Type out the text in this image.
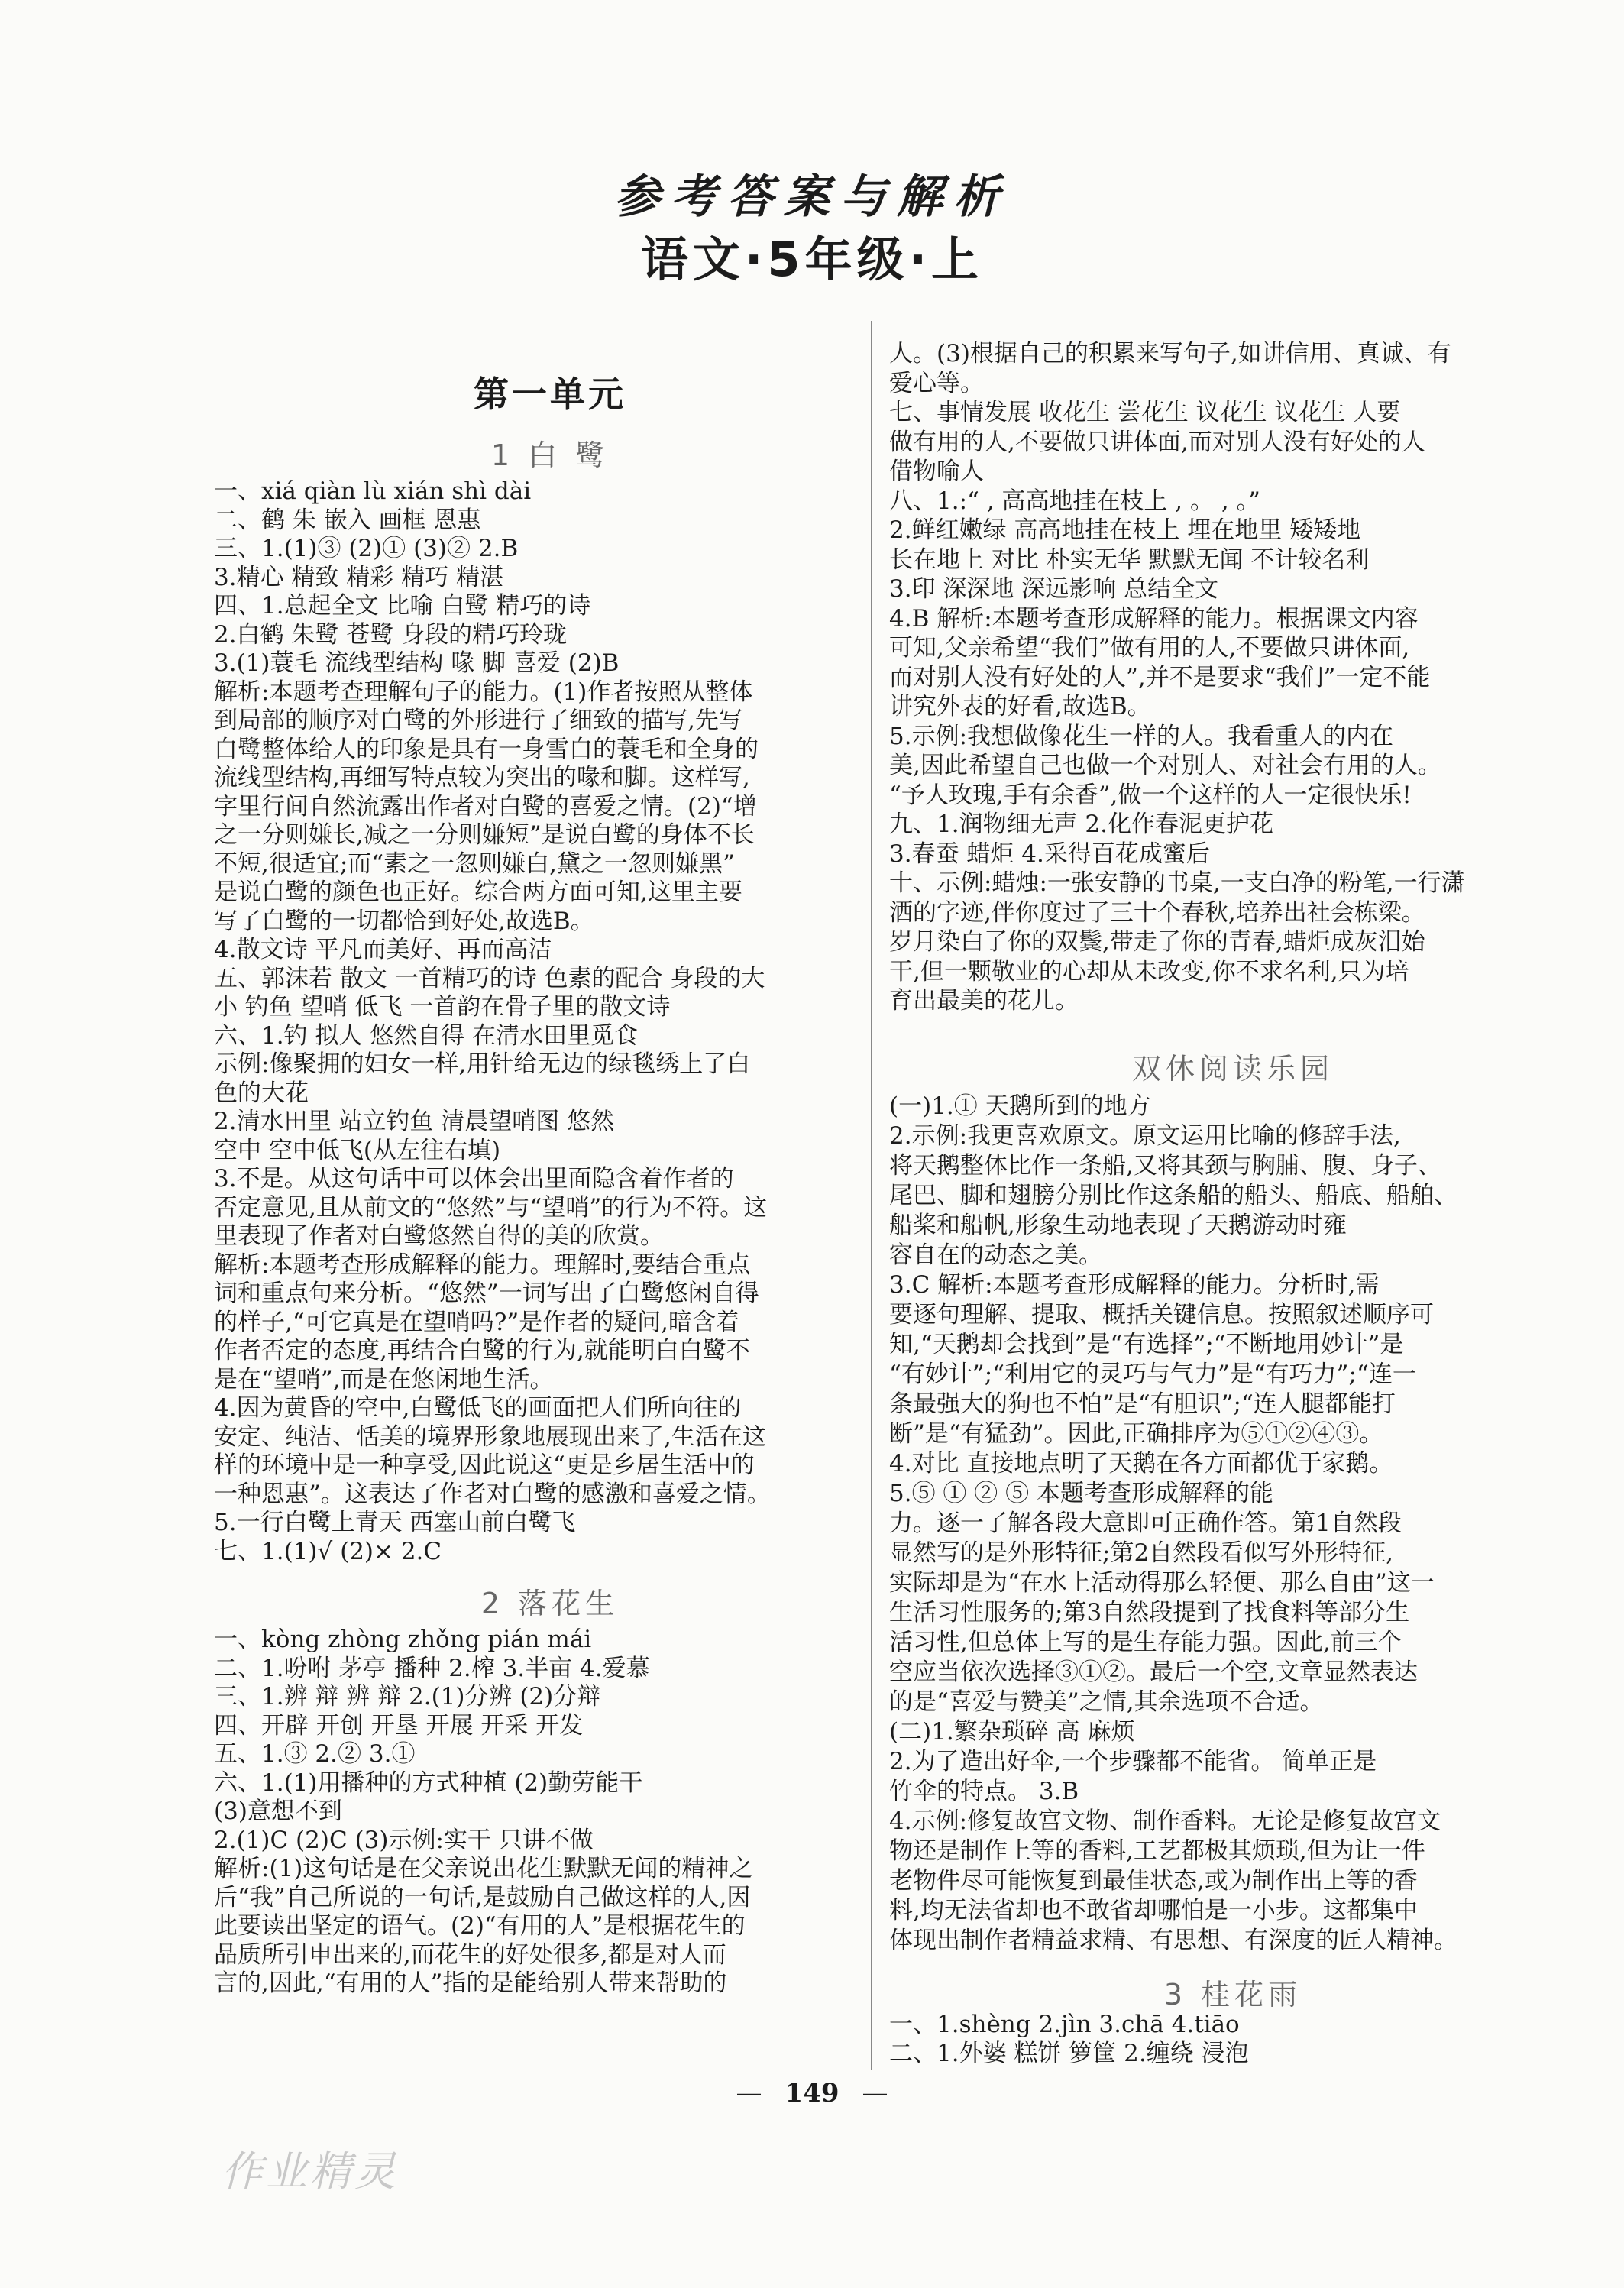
参考答案与解析
语文·5年级·上
第一单元
1 白 鹭
一、xiá qiàn lù xián shì dài
二、鹤 朱 嵌入 画框 恩惠
三、1.(1)③ (2)① (3)② 2.B
3.精心 精致 精彩 精巧 精湛
四、1.总起全文 比喻 白鹭 精巧的诗
2.白鹤 朱鹭 苍鹭 身段的精巧玲珑
3.(1)蓑毛 流线型结构 喙 脚 喜爱 (2)B
解析:本题考查理解句子的能力。(1)作者按照从整体
到局部的顺序对白鹭的外形进行了细致的描写,先写
白鹭整体给人的印象是具有一身雪白的蓑毛和全身的
流线型结构,再细写特点较为突出的喙和脚。这样写,
字里行间自然流露出作者对白鹭的喜爱之情。(2)“增
之一分则嫌长,减之一分则嫌短”是说白鹭的身体不长
不短,很适宜;而“素之一忽则嫌白,黛之一忽则嫌黑”
是说白鹭的颜色也正好。综合两方面可知,这里主要
写了白鹭的一切都恰到好处,故选B。
4.散文诗 平凡而美好、再而高洁
五、郭沫若 散文 一首精巧的诗 色素的配合 身段的大
小 钓鱼 望哨 低飞 一首韵在骨子里的散文诗
六、1.钓 拟人 悠然自得 在清水田里觅食
示例:像聚拥的妇女一样,用针给无边的绿毯绣上了白
色的大花
2.清水田里 站立钓鱼 清晨望哨图 悠然
空中 空中低飞(从左往右填)
3.不是。从这句话中可以体会出里面隐含着作者的
否定意见,且从前文的“悠然”与“望哨”的行为不符。这
里表现了作者对白鹭悠然自得的美的欣赏。
解析:本题考查形成解释的能力。理解时,要结合重点
词和重点句来分析。“悠然”一词写出了白鹭悠闲自得
的样子,“可它真是在望哨吗?”是作者的疑问,暗含着
作者否定的态度,再结合白鹭的行为,就能明白白鹭不
是在“望哨”,而是在悠闲地生活。
4.因为黄昏的空中,白鹭低飞的画面把人们所向往的
安定、纯洁、恬美的境界形象地展现出来了,生活在这
样的环境中是一种享受,因此说这“更是乡居生活中的
一种恩惠”。这表达了作者对白鹭的感激和喜爱之情。
5.一行白鹭上青天 西塞山前白鹭飞
七、1.(1)√ (2)× 2.C
2 落花生
一、kòng zhòng zhǒng pián mái
二、1.吩咐 茅亭 播种 2.榨 3.半亩 4.爱慕
三、1.辨 辩 辨 辩 2.(1)分辨 (2)分辩
四、开辟 开创 开垦 开展 开采 开发
五、1.③ 2.② 3.①
六、1.(1)用播种的方式种植 (2)勤劳能干
(3)意想不到
2.(1)C (2)C (3)示例:实干 只讲不做
解析:(1)这句话是在父亲说出花生默默无闻的精神之
后“我”自己所说的一句话,是鼓励自己做这样的人,因
此要读出坚定的语气。(2)“有用的人”是根据花生的
品质所引申出来的,而花生的好处很多,都是对人而
言的,因此,“有用的人”指的是能给别人带来帮助的
人。(3)根据自己的积累来写句子,如讲信用、真诚、有
爱心等。
七、事情发展 收花生 尝花生 议花生 议花生 人要
做有用的人,不要做只讲体面,而对别人没有好处的人
借物喻人
八、1.:“ , 高高地挂在枝上 , 。 , 。”
2.鲜红嫩绿 高高地挂在枝上 埋在地里 矮矮地
长在地上 对比 朴实无华 默默无闻 不计较名利
3.印 深深地 深远影响 总结全文
4.B 解析:本题考查形成解释的能力。根据课文内容
可知,父亲希望“我们”做有用的人,不要做只讲体面,
而对别人没有好处的人”,并不是要求“我们”一定不能
讲究外表的好看,故选B。
5.示例:我想做像花生一样的人。我看重人的内在
美,因此希望自己也做一个对别人、对社会有用的人。
“予人玫瑰,手有余香”,做一个这样的人一定很快乐!
九、1.润物细无声 2.化作春泥更护花
3.春蚕 蜡炬 4.采得百花成蜜后
十、示例:蜡烛:一张安静的书桌,一支白净的粉笔,一行潇
洒的字迹,伴你度过了三十个春秋,培养出社会栋梁。
岁月染白了你的双鬓,带走了你的青春,蜡炬成灰泪始
干,但一颗敬业的心却从未改变,你不求名利,只为培
育出最美的花儿。
双休阅读乐园
(一)1.① 天鹅所到的地方
2.示例:我更喜欢原文。原文运用比喻的修辞手法,
将天鹅整体比作一条船,又将其颈与胸脯、腹、身子、
尾巴、脚和翅膀分别比作这条船的船头、船底、船舶、
船桨和船帆,形象生动地表现了天鹅游动时雍
容自在的动态之美。
3.C 解析:本题考查形成解释的能力。分析时,需
要逐句理解、提取、概括关键信息。按照叙述顺序可
知,“天鹅却会找到”是“有选择”;“不断地用妙计”是
“有妙计”;“利用它的灵巧与气力”是“有巧力”;“连一
条最强大的狗也不怕”是“有胆识”;“连人腿都能打
断”是“有猛劲”。因此,正确排序为⑤①②④③。
4.对比 直接地点明了天鹅在各方面都优于家鹅。
5.⑤ ① ② ⑤ 本题考查形成解释的能
力。逐一了解各段大意即可正确作答。第1自然段
显然写的是外形特征;第2自然段看似写外形特征,
实际却是为“在水上活动得那么轻便、那么自由”这一
生活习性服务的;第3自然段提到了找食料等部分生
活习性,但总体上写的是生存能力强。因此,前三个
空应当依次选择③①②。最后一个空,文章显然表达
的是“喜爱与赞美”之情,其余选项不合适。
(二)1.繁杂琐碎 高 麻烦
2.为了造出好伞,一个步骤都不能省。 简单正是
竹伞的特点。 3.B
4.示例:修复故宫文物、制作香料。无论是修复故宫文
物还是制作上等的香料,工艺都极其烦琐,但为让一件
老物件尽可能恢复到最佳状态,或为制作出上等的香
料,均无法省却也不敢省却哪怕是一小步。这都集中
体现出制作者精益求精、有思想、有深度的匠人精神。
3 桂花雨
一、1.shèng 2.jìn 3.chā 4.tiāo
二、1.外婆 糕饼 箩筐 2.缠绕 浸泡
— 149 —
作业精灵
